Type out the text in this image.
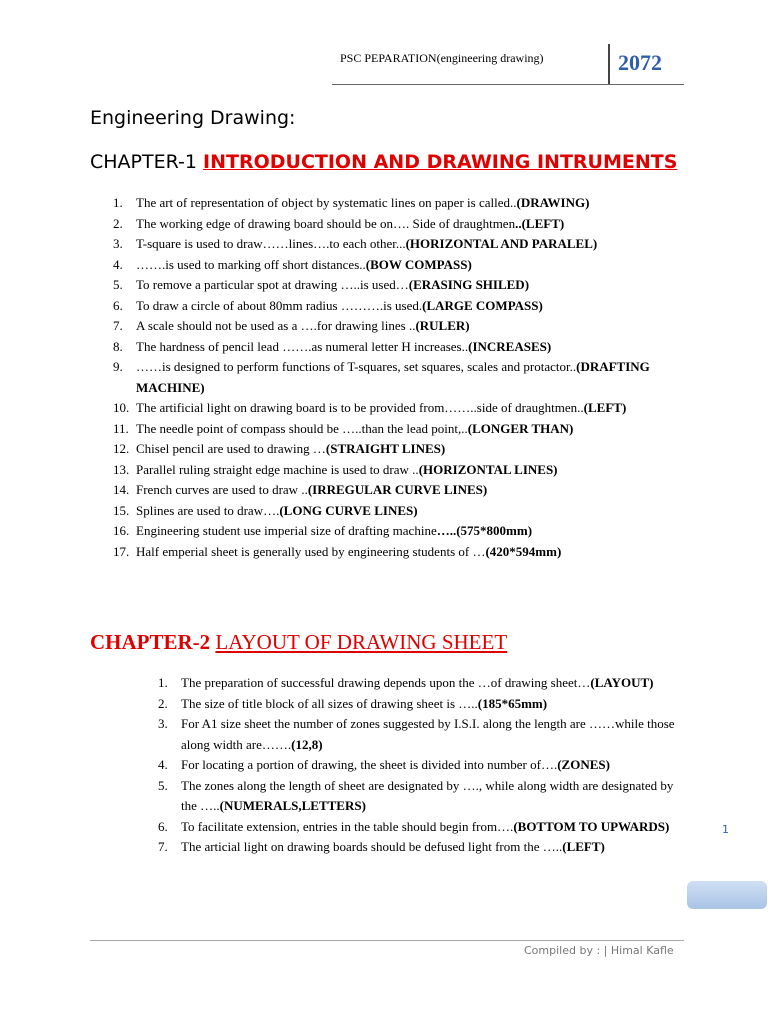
PSC PEPARATION(engineering drawing)	2072
Engineering Drawing:
CHAPTER-1 INTRODUCTION AND DRAWING INTRUMENTS
1. The art of representation of object by systematic lines on paper is called..(DRAWING)
2. The working edge of drawing board should be on…. Side of draughtmen..(LEFT)
3. T-square is used to draw……lines….to each other...(HORIZONTAL AND PARALEL)
4. …….is used to marking off short distances..(BOW COMPASS)
5. To remove a particular spot at drawing …..is used…(ERASING SHILED)
6. To draw a circle of about 80mm radius ……….is used.(LARGE COMPASS)
7. A scale should not be used as a ….for drawing lines ..(RULER)
8. The hardness of pencil lead …….as numeral letter H increases..(INCREASES)
9. ……is designed to perform functions of T-squares, set squares, scales and protactor..(DRAFTING MACHINE)
10. The artificial light on drawing board is to be provided from……..side of draughtmen..(LEFT)
11. The needle point of compass should be …..than the lead point,..(LONGER THAN)
12. Chisel pencil are used to drawing …(STRAIGHT LINES)
13. Parallel ruling straight edge machine is used to draw ..(HORIZONTAL LINES)
14. French curves are used to draw ..(IRREGULAR CURVE LINES)
15. Splines are used to draw….(LONG CURVE LINES)
16. Engineering student use imperial size of drafting machine…..(575*800mm)
17. Half emperial sheet is generally used by engineering students of …(420*594mm)
CHAPTER-2 LAYOUT OF DRAWING SHEET
1. The preparation of successful drawing depends upon the …of drawing sheet…(LAYOUT)
2. The size of title block of all sizes of drawing sheet is …..(185*65mm)
3. For A1 size sheet the number of zones suggested by I.S.I. along the length are ……while those along width are…….(12,8)
4. For locating a portion of drawing, the sheet is divided into number of….(ZONES)
5. The zones along the length of sheet are designated by …., while along width are designated by the …..(NUMERALS,LETTERS)
6. To facilitate extension, entries in the table should begin from….(BOTTOM TO UPWARDS)
7. The articial light on drawing boards should be defused light from the …..(LEFT)
1
Compiled by : | Himal Kafle
